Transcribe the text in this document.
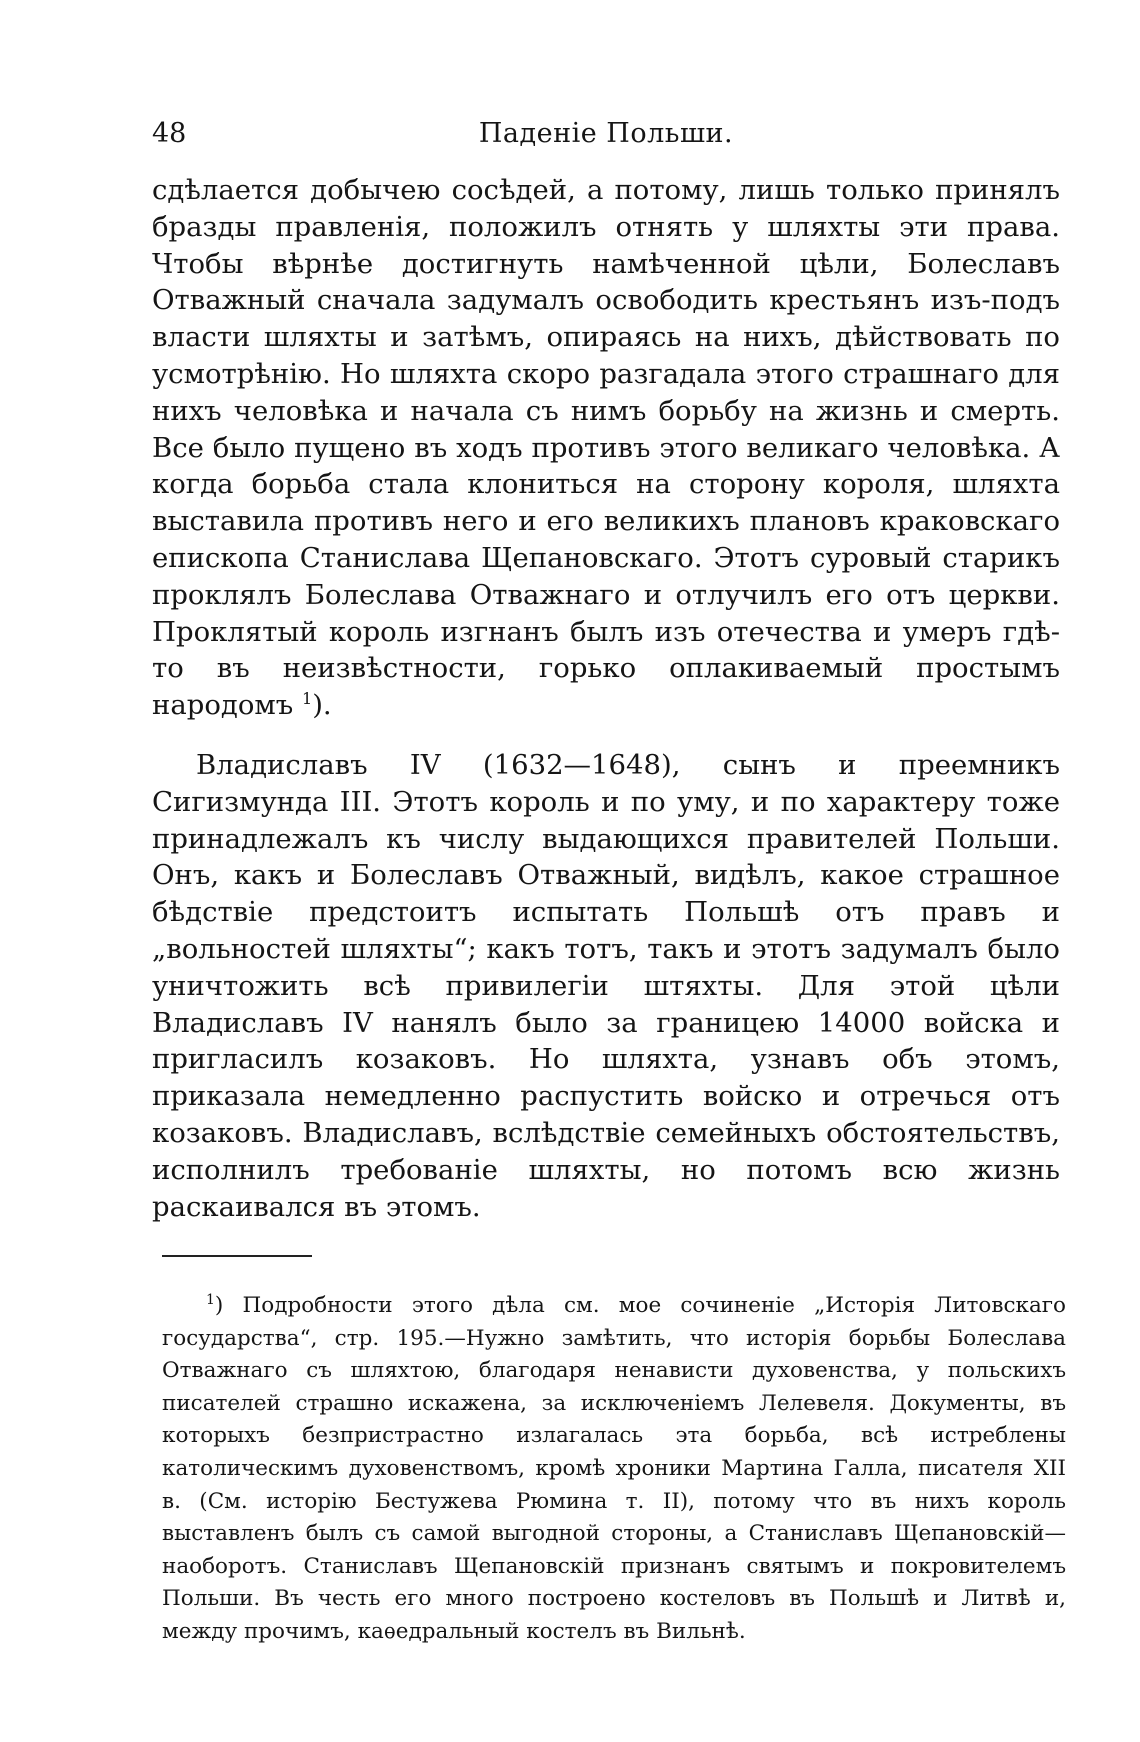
48	Паденіе Польши.

сдѣлается добычею сосѣдей, а потому, лишь только принялъ бразды правленія, положилъ отнять у шляхты эти права. Чтобы вѣрнѣе достигнуть намѣченной цѣли, Болеславъ Отважный сначала задумалъ освободить крестьянъ изъ-подъ власти шляхты и затѣмъ, опираясь на нихъ, дѣйствовать по усмотрѣнію. Но шляхта скоро разгадала этого страшнаго для нихъ человѣка и начала съ нимъ борьбу на жизнь и смерть. Все было пущено въ ходъ противъ этого великаго человѣка. А когда борьба стала клониться на сторону короля, шляхта выставила противъ него и его великихъ плановъ краковскаго епископа Станислава Щепановскаго. Этотъ суровый старикъ проклялъ Болеслава Отважнаго и отлучилъ его отъ церкви. Проклятый король изгнанъ былъ изъ отечества и умеръ гдѣ-то въ неизвѣстности, горько оплакиваемый простымъ народомъ $^1$).

Владиславъ IV (1632—1648), сынъ и преемникъ Сигизмунда III. Этотъ король и по уму, и по характеру тоже принадлежалъ къ числу выдающихся правителей Польши. Онъ, какъ и Болеславъ Отважный, видѣлъ, какое страшное бѣдствіе предстоитъ испытать Польшѣ отъ правъ и „вольностей шляхты“; какъ тотъ, такъ и этотъ задумалъ было уничтожить всѣ привилегіи штяхты. Для этой цѣли Владиславъ IV нанялъ было за границею 14000 войска и пригласилъ козаковъ. Но шляхта, узнавъ объ этомъ, приказала немедленно распустить войско и отречься отъ козаковъ. Владиславъ, вслѣдствіе семейныхъ обстоятельствъ, исполнилъ требованіе шляхты, но потомъ всю жизнь раскаивался въ этомъ.

$^1$) Подробности этого дѣла см. мое сочиненіе „Исторія Литовскаго государства“, стр. 195.—Нужно замѣтить, что исторія борьбы Болеслава Отважнаго съ шляхтою, благодаря ненависти духовенства, у польскихъ писателей страшно искажена, за исключеніемъ Лелевеля. Документы, въ которыхъ безпристрастно излагалась эта борьба, всѣ истреблены католическимъ духовенствомъ, кромѣ хроники Мартина Галла, писателя XII в. (См. исторію Бестужева Рюмина т. II), потому что въ нихъ король выставленъ былъ съ самой выгодной стороны, а Станиславъ Щепановскій—наоборотъ. Станиславъ Щепановскій признанъ святымъ и покровителемъ Польши. Въ честь его много построено костеловъ въ Польшѣ и Литвѣ и, между прочимъ, каѳедральный костелъ въ Вильнѣ.
